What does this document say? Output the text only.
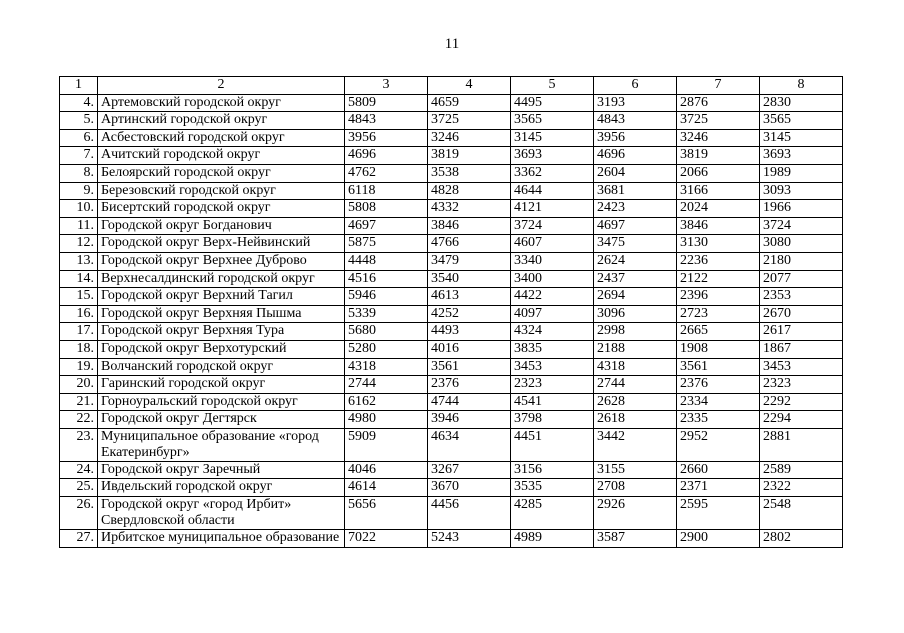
11
1	2	3	4	5	6	7	8
4.	Артемовский городской округ	5809	4659	4495	3193	2876	2830
5.	Артинский городской округ	4843	3725	3565	4843	3725	3565
6.	Асбестовский городской округ	3956	3246	3145	3956	3246	3145
7.	Ачитский городской округ	4696	3819	3693	4696	3819	3693
8.	Белоярский городской округ	4762	3538	3362	2604	2066	1989
9.	Березовский городской округ	6118	4828	4644	3681	3166	3093
10.	Бисертский городской округ	5808	4332	4121	2423	2024	1966
11.	Городской округ Богданович	4697	3846	3724	4697	3846	3724
12.	Городской округ Верх-Нейвинский	5875	4766	4607	3475	3130	3080
13.	Городской округ Верхнее Дуброво	4448	3479	3340	2624	2236	2180
14.	Верхнесалдинский городской округ	4516	3540	3400	2437	2122	2077
15.	Городской округ Верхний Тагил	5946	4613	4422	2694	2396	2353
16.	Городской округ Верхняя Пышма	5339	4252	4097	3096	2723	2670
17.	Городской округ Верхняя Тура	5680	4493	4324	2998	2665	2617
18.	Городской округ Верхотурский	5280	4016	3835	2188	1908	1867
19.	Волчанский городской округ	4318	3561	3453	4318	3561	3453
20.	Гаринский городской округ	2744	2376	2323	2744	2376	2323
21.	Горноуральский городской округ	6162	4744	4541	2628	2334	2292
22.	Городской округ Дегтярск	4980	3946	3798	2618	2335	2294
23.	Муниципальное образование «город Екатеринбург»	5909	4634	4451	3442	2952	2881
24.	Городской округ Заречный	4046	3267	3156	3155	2660	2589
25.	Ивдельский городской округ	4614	3670	3535	2708	2371	2322
26.	Городской округ «город Ирбит» Свердловской области	5656	4456	4285	2926	2595	2548
27.	Ирбитское муниципальное образование	7022	5243	4989	3587	2900	2802
